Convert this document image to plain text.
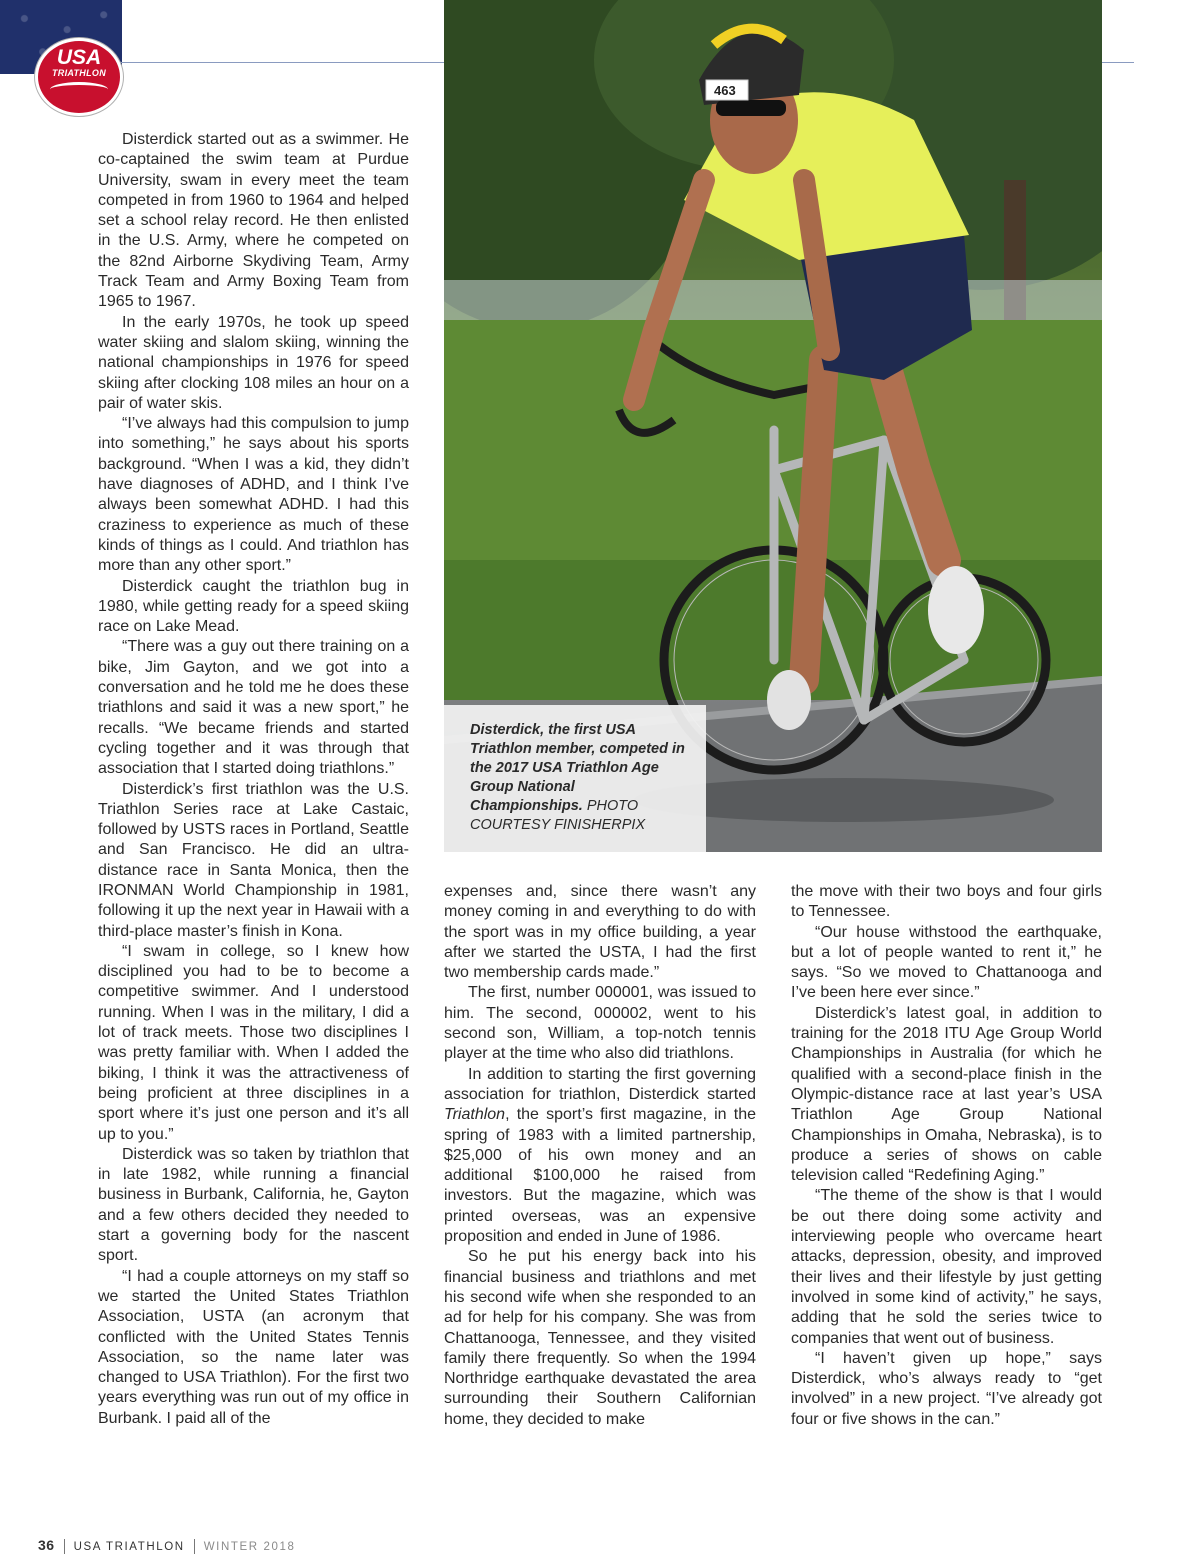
USA
TRIATHLON
463
Disterdick, the first USA Triathlon member, competed in the 2017 USA Triathlon Age Group National Championships. PHOTO COURTESY FINISHERPIX

Disterdick started out as a swimmer. He co-captained the swim team at Purdue University, swam in every meet the team competed in from 1960 to 1964 and helped set a school relay record. He then enlisted in the U.S. Army, where he competed on the 82nd Airborne Skydiving Team, Army Track Team and Army Boxing Team from 1965 to 1967.

In the early 1970s, he took up speed water skiing and slalom skiing, winning the national championships in 1976 for speed skiing after clocking 108 miles an hour on a pair of water skis.

“I’ve always had this compulsion to jump into something,” he says about his sports background. “When I was a kid, they didn’t have diagnoses of ADHD, and I think I’ve always been somewhat ADHD. I had this craziness to experience as much of these kinds of things as I could. And triathlon has more than any other sport.”

Disterdick caught the triathlon bug in 1980, while getting ready for a speed skiing race on Lake Mead.

“There was a guy out there training on a bike, Jim Gayton, and we got into a conversation and he told me he does these triathlons and said it was a new sport,” he recalls. “We became friends and started cycling together and it was through that association that I started doing triathlons.”

Disterdick’s first triathlon was the U.S. Triathlon Series race at Lake Castaic, followed by USTS races in Portland, Seattle and San Francisco. He did an ultra-distance race in Santa Monica, then the IRONMAN World Championship in 1981, following it up the next year in Hawaii with a third-place master’s finish in Kona.

“I swam in college, so I knew how disciplined you had to be to become a competitive swimmer. And I understood running. When I was in the military, I did a lot of track meets. Those two disciplines I was pretty familiar with. When I added the biking, I think it was the attractiveness of being proficient at three disciplines in a sport where it’s just one person and it’s all up to you.”

Disterdick was so taken by triathlon that in late 1982, while running a financial business in Burbank, California, he, Gayton and a few others decided they needed to start a governing body for the nascent sport.

“I had a couple attorneys on my staff so we started the United States Triathlon Association, USTA (an acronym that conflicted with the United States Tennis Association, so the name later was changed to USA Triathlon). For the first two years everything was run out of my office in Burbank. I paid all of the

expenses and, since there wasn’t any money coming in and everything to do with the sport was in my office building, a year after we started the USTA, I had the first two membership cards made.”

The first, number 000001, was issued to him. The second, 000002, went to his second son, William, a top-notch tennis player at the time who also did triathlons.

In addition to starting the first governing association for triathlon, Disterdick started Triathlon, the sport’s first magazine, in the spring of 1983 with a limited partnership, $25,000 of his own money and an additional $100,000 he raised from investors. But the magazine, which was printed overseas, was an expensive proposition and ended in June of 1986.

So he put his energy back into his financial business and triathlons and met his second wife when she responded to an ad for help for his company. She was from Chattanooga, Tennessee, and they visited family there frequently. So when the 1994 Northridge earthquake devastated the area surrounding their Southern Californian home, they decided to make

the move with their two boys and four girls to Tennessee.

“Our house withstood the earthquake, but a lot of people wanted to rent it,” he says. “So we moved to Chattanooga and I’ve been here ever since.”

Disterdick’s latest goal, in addition to training for the 2018 ITU Age Group World Championships in Australia (for which he qualified with a second-place finish in the Olympic-distance race at last year’s USA Triathlon Age Group National Championships in Omaha, Nebraska), is to produce a series of shows on cable television called “Redefining Aging.”

“The theme of the show is that I would be out there doing some activity and interviewing people who overcame heart attacks, depression, obesity, and improved their lives and their lifestyle by just getting involved in some kind of activity,” he says, adding that he sold the series twice to companies that went out of business.

“I haven’t given up hope,” says Disterdick, who’s always ready to “get involved” in a new project. “I’ve already got four or five shows in the can.”

36 USA TRIATHLON WINTER 2018
